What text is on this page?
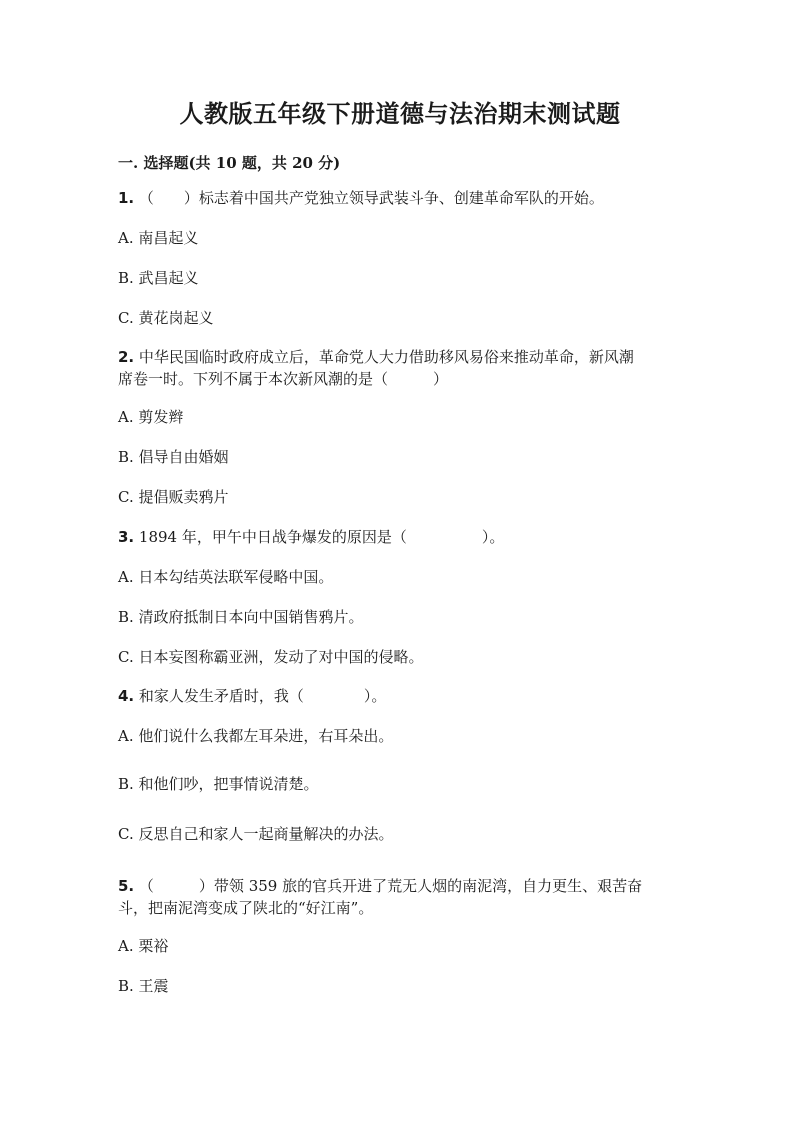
人教版五年级下册道德与法治期末测试题
一. 选择题(共 10 题，共 20 分)
1. （　　）标志着中国共产党独立领导武装斗争、创建革命军队的开始。
A. 南昌起义
B. 武昌起义
C. 黄花岗起义
2. 中华民国临时政府成立后，革命党人大力借助移风易俗来推动革命，新风潮
席卷一时。下列不属于本次新风潮的是（　　　）
A. 剪发辫
B. 倡导自由婚姻
C. 提倡贩卖鸦片
3. 1894 年，甲午中日战争爆发的原因是（　　　　　）。
A. 日本勾结英法联军侵略中国。
B. 清政府抵制日本向中国销售鸦片。
C. 日本妄图称霸亚洲，发动了对中国的侵略。
4. 和家人发生矛盾时，我（　　　　）。
A. 他们说什么我都左耳朵进，右耳朵出。
B. 和他们吵，把事情说清楚。
C. 反思自己和家人一起商量解决的办法。
5. （　　　）带领 359 旅的官兵开进了荒无人烟的南泥湾，自力更生、艰苦奋
斗，把南泥湾变成了陕北的“好江南”。
A. 栗裕
B. 王震
